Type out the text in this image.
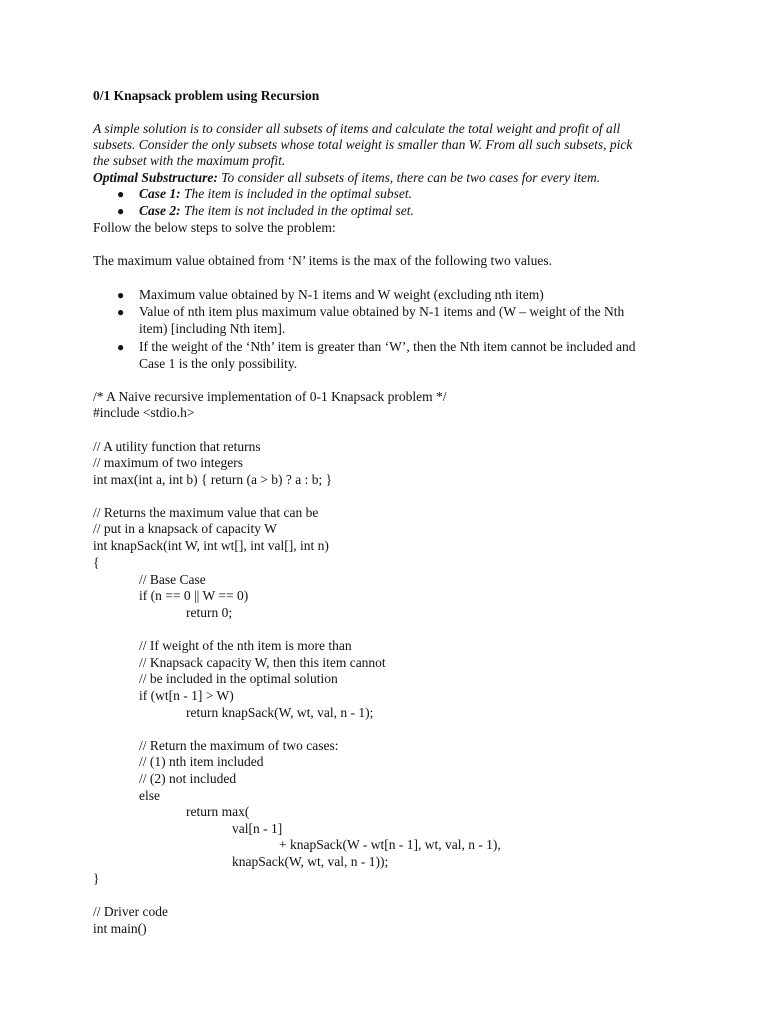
0/1 Knapsack problem using Recursion
A simple solution is to consider all subsets of items and calculate the total weight and profit of all
subsets. Consider the only subsets whose total weight is smaller than W. From all such subsets, pick
the subset with the maximum profit.
Optimal Substructure: To consider all subsets of items, there can be two cases for every item.
● Case 1: The item is included in the optimal subset.
● Case 2: The item is not included in the optimal set.
Follow the below steps to solve the problem:
The maximum value obtained from ‘N’ items is the max of the following two values.
● Maximum value obtained by N-1 items and W weight (excluding nth item)
● Value of nth item plus maximum value obtained by N-1 items and (W – weight of the Nth
item) [including Nth item].
● If the weight of the ‘Nth’ item is greater than ‘W’, then the Nth item cannot be included and
Case 1 is the only possibility.
/* A Naive recursive implementation of 0-1 Knapsack problem */
#include <stdio.h>
// A utility function that returns
// maximum of two integers
int max(int a, int b) { return (a > b) ? a : b; }
// Returns the maximum value that can be
// put in a knapsack of capacity W
int knapSack(int W, int wt[], int val[], int n)
{
// Base Case
if (n == 0 || W == 0)
return 0;
// If weight of the nth item is more than
// Knapsack capacity W, then this item cannot
// be included in the optimal solution
if (wt[n - 1] > W)
return knapSack(W, wt, val, n - 1);
// Return the maximum of two cases:
// (1) nth item included
// (2) not included
else
return max(
val[n - 1]
+ knapSack(W - wt[n - 1], wt, val, n - 1),
knapSack(W, wt, val, n - 1));
}
// Driver code
int main()
